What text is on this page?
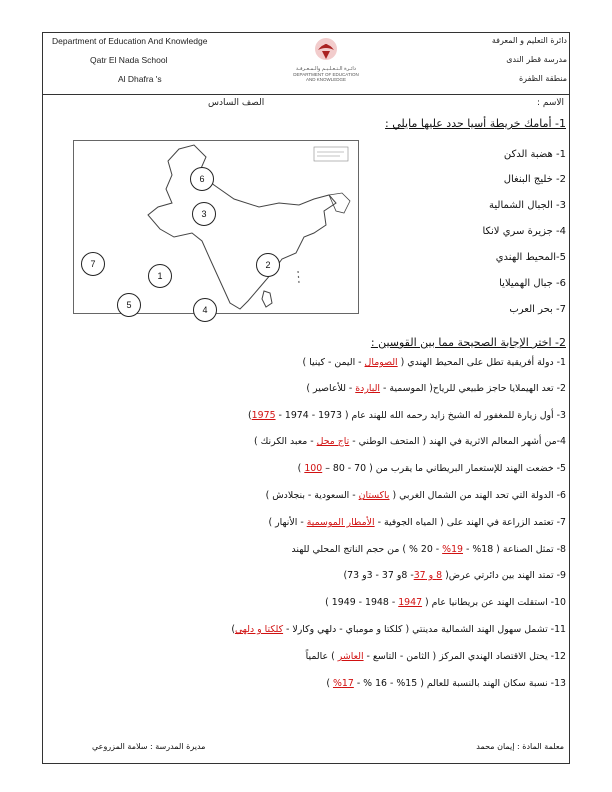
Department of Education And Knowledge
Qatr El Nada School
Al Dhafra 's
دائرة التعليم و المعرفة
مدرسة قطر الندى
منطقة الظفرة
دائـرة الـتـعـلـيـم والـمـعـرفـة
DEPARTMENT OF EDUCATION
AND KNOWLEDGE
الاسم :
الصف السادس
1- أمامك خريطة أسيا حدد عليها مايلي :
6
3
7	2
1
5	4
1- هضبة الدكن
2- خليج البنغال
3- الجبال الشمالية
4- جزيرة سري لانكا
5-المحيط الهندي
6- جبال الهميلايا
7- بحر العرب
2- اختر الإجابة الصحيحة مما بين القوسين :
1- دولة أفريقية تطل على المحيط الهندي ( الصومال - اليمن - كينيا )
2- تعد الهيملايا حاجز طبيعي للرياح( الموسمية - الباردة - للأعاصير )
3- أول زيارة للمغفور له الشيخ زايد رحمه الله للهند عام ( 1973 - 1974 - 1975)
4-من أشهر المعالم الاثرية في الهند ( المتحف الوطني - تاج محل - معبد الكرنك )
5- خضعت الهند للإستعمار البريطاني ما يقرب من ( 70 - 80 – 100 )
6- الدولة التي تحد الهند من الشمال الغربي ( باكستان - السعودية - بنجلادش )
7- تعتمد الزراعة في الهند على ( المياه الجوفية - الأمطار الموسمية - الأنهار )
8- تمثل الصناعة ( 18% - 19% - 20 % ) من حجم الناتج المحلي للهند
9- تمتد الهند بين دائرتي عرض( 8 و 37- 8و 37 - 3و 73)
10- استقلت الهند عن بريطانيا عام ( 1947 - 1948 - 1949 )
11- تشمل سهول الهند الشمالية مدينتي ( كلكتا و مومباي - دلهي وكارلا - كلكتا و دلهي)
12- يحتل الاقتصاد الهندي المركز ( الثامن - التاسع - العاشر ) عالمياً
13- نسبة سكان الهند بالنسبة للعالم ( 15% - 16 % - 17% )
معلمة المادة : إيمان محمد
مديرة المدرسة : سلامة المزروعي
